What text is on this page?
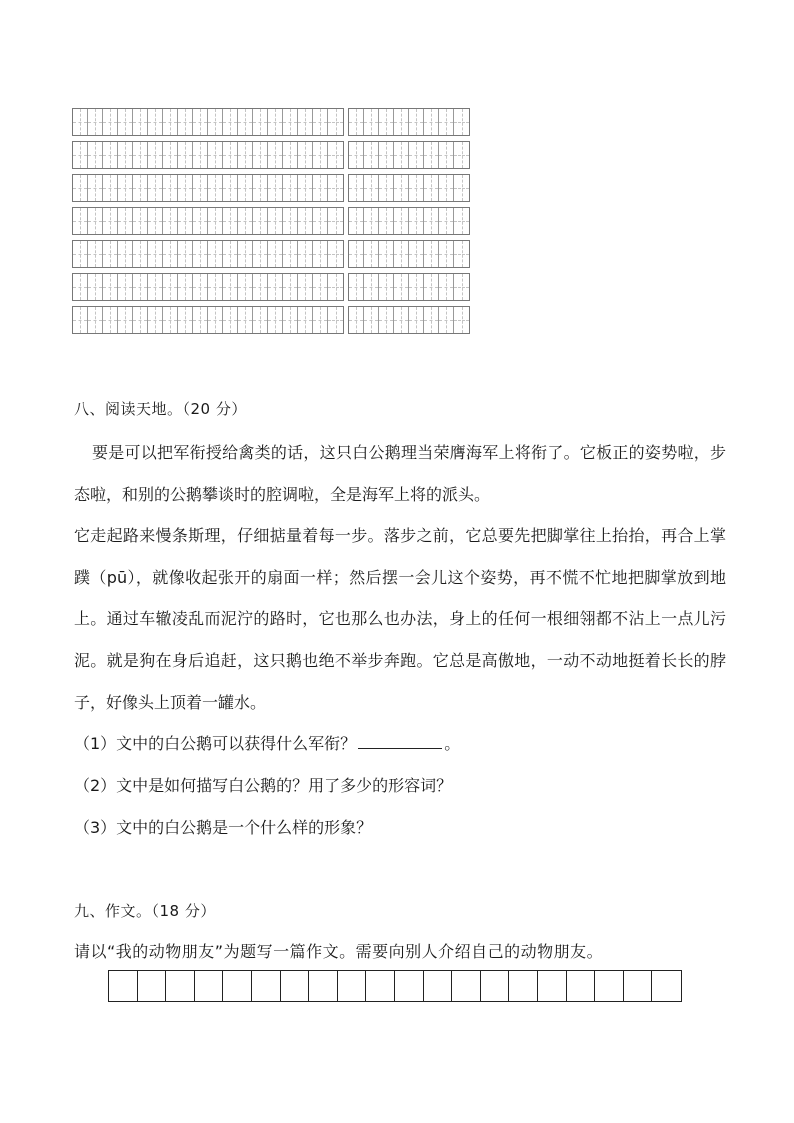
八、阅读天地。（20 分）

要是可以把军衔授给禽类的话，这只白公鹅理当荣膺海军上将衔了。它板正的姿势啦，步态啦，和别的公鹅攀谈时的腔调啦，全是海军上将的派头。

它走起路来慢条斯理，仔细掂量着每一步。落步之前，它总要先把脚掌往上抬抬，再合上掌蹼（pū），就像收起张开的扇面一样；然后摆一会儿这个姿势，再不慌不忙地把脚掌放到地上。通过车辙凌乱而泥泞的路时，它也那么也办法，身上的任何一根细翎都不沾上一点儿污泥。就是狗在身后追赶，这只鹅也绝不举步奔跑。它总是高傲地，一动不动地挺着长长的脖子，好像头上顶着一罐水。

（1）文中的白公鹅可以获得什么军衔？	。
（2）文中是如何描写白公鹅的？用了多少的形容词？
（3）文中的白公鹅是一个什么样的形象？
九、作文。（18 分）
请以“我的动物朋友”为题写一篇作文。需要向别人介绍自己的动物朋友。
